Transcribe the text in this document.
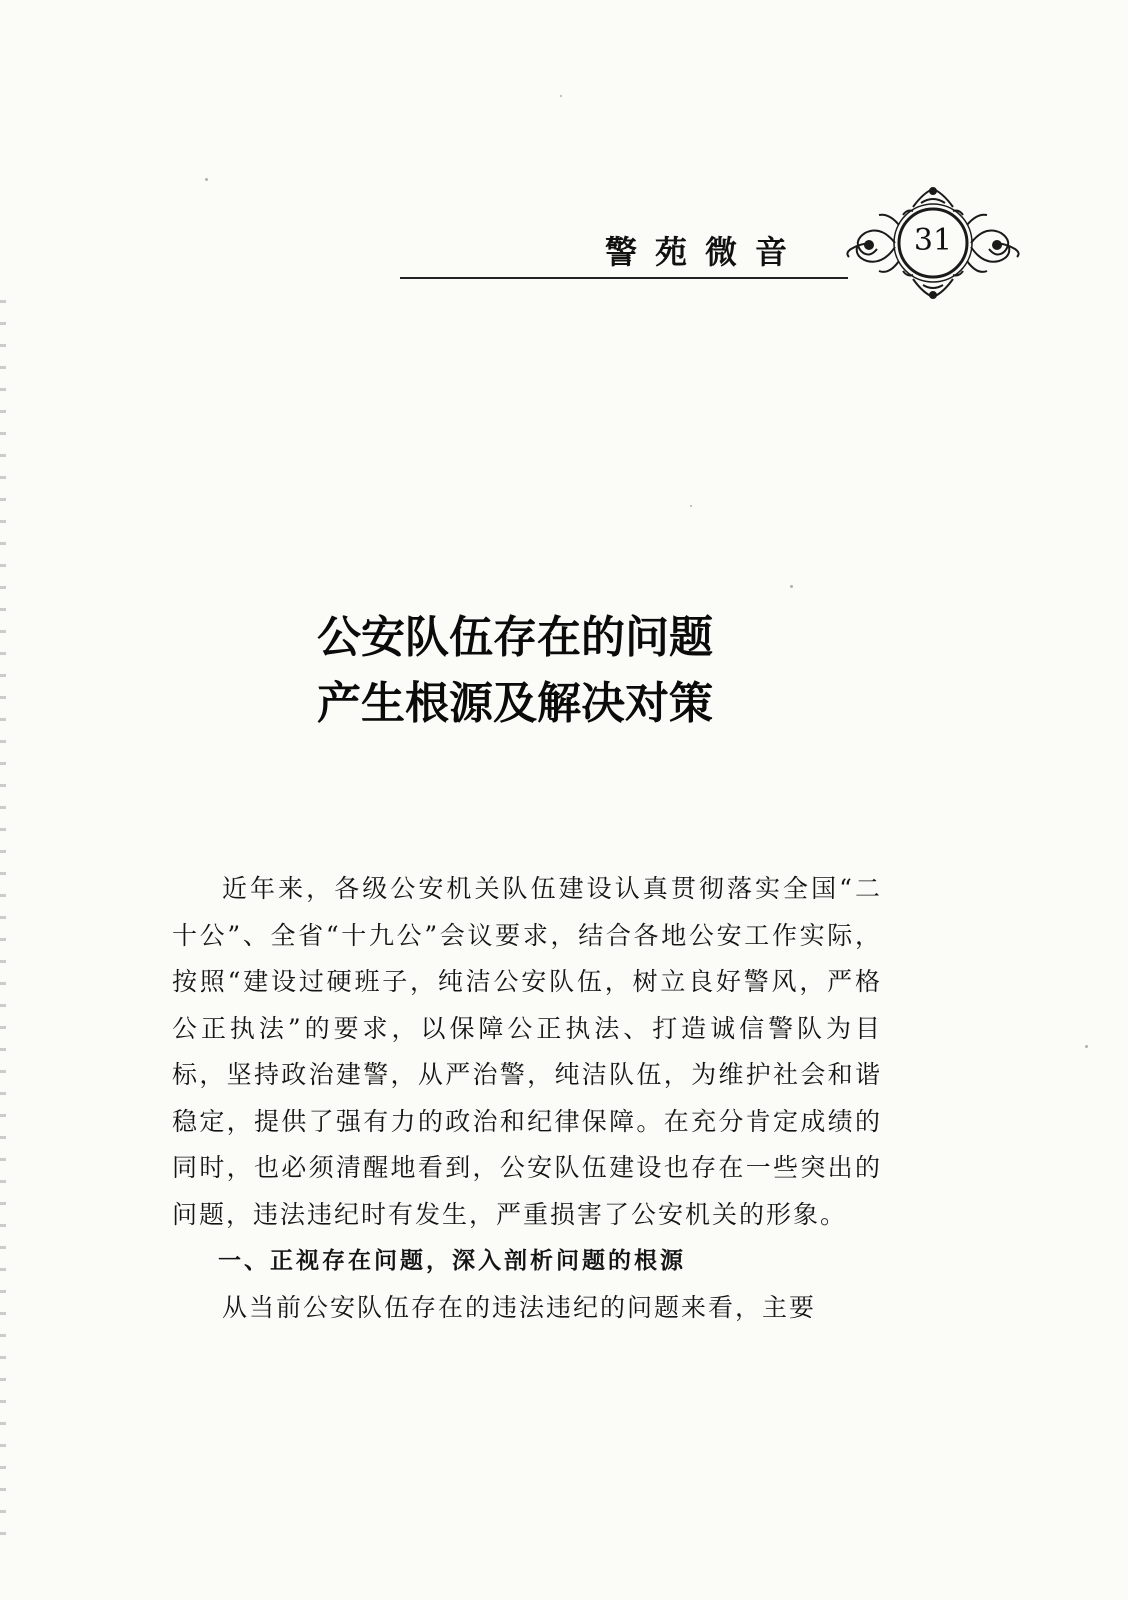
警苑微音	31
公安队伍存在的问题
产生根源及解决对策

近年来，各级公安机关队伍建设认真贯彻落实全国“二十公”、全省“十九公”会议要求，结合各地公安工作实际，按照“建设过硬班子，纯洁公安队伍，树立良好警风，严格公正执法”的要求，以保障公正执法、打造诚信警队为目标，坚持政治建警，从严治警，纯洁队伍，为维护社会和谐稳定，提供了强有力的政治和纪律保障。在充分肯定成绩的同时，也必须清醒地看到，公安队伍建设也存在一些突出的问题，违法违纪时有发生，严重损害了公安机关的形象。

一、正视存在问题，深入剖析问题的根源

从当前公安队伍存在的违法违纪的问题来看，主要
